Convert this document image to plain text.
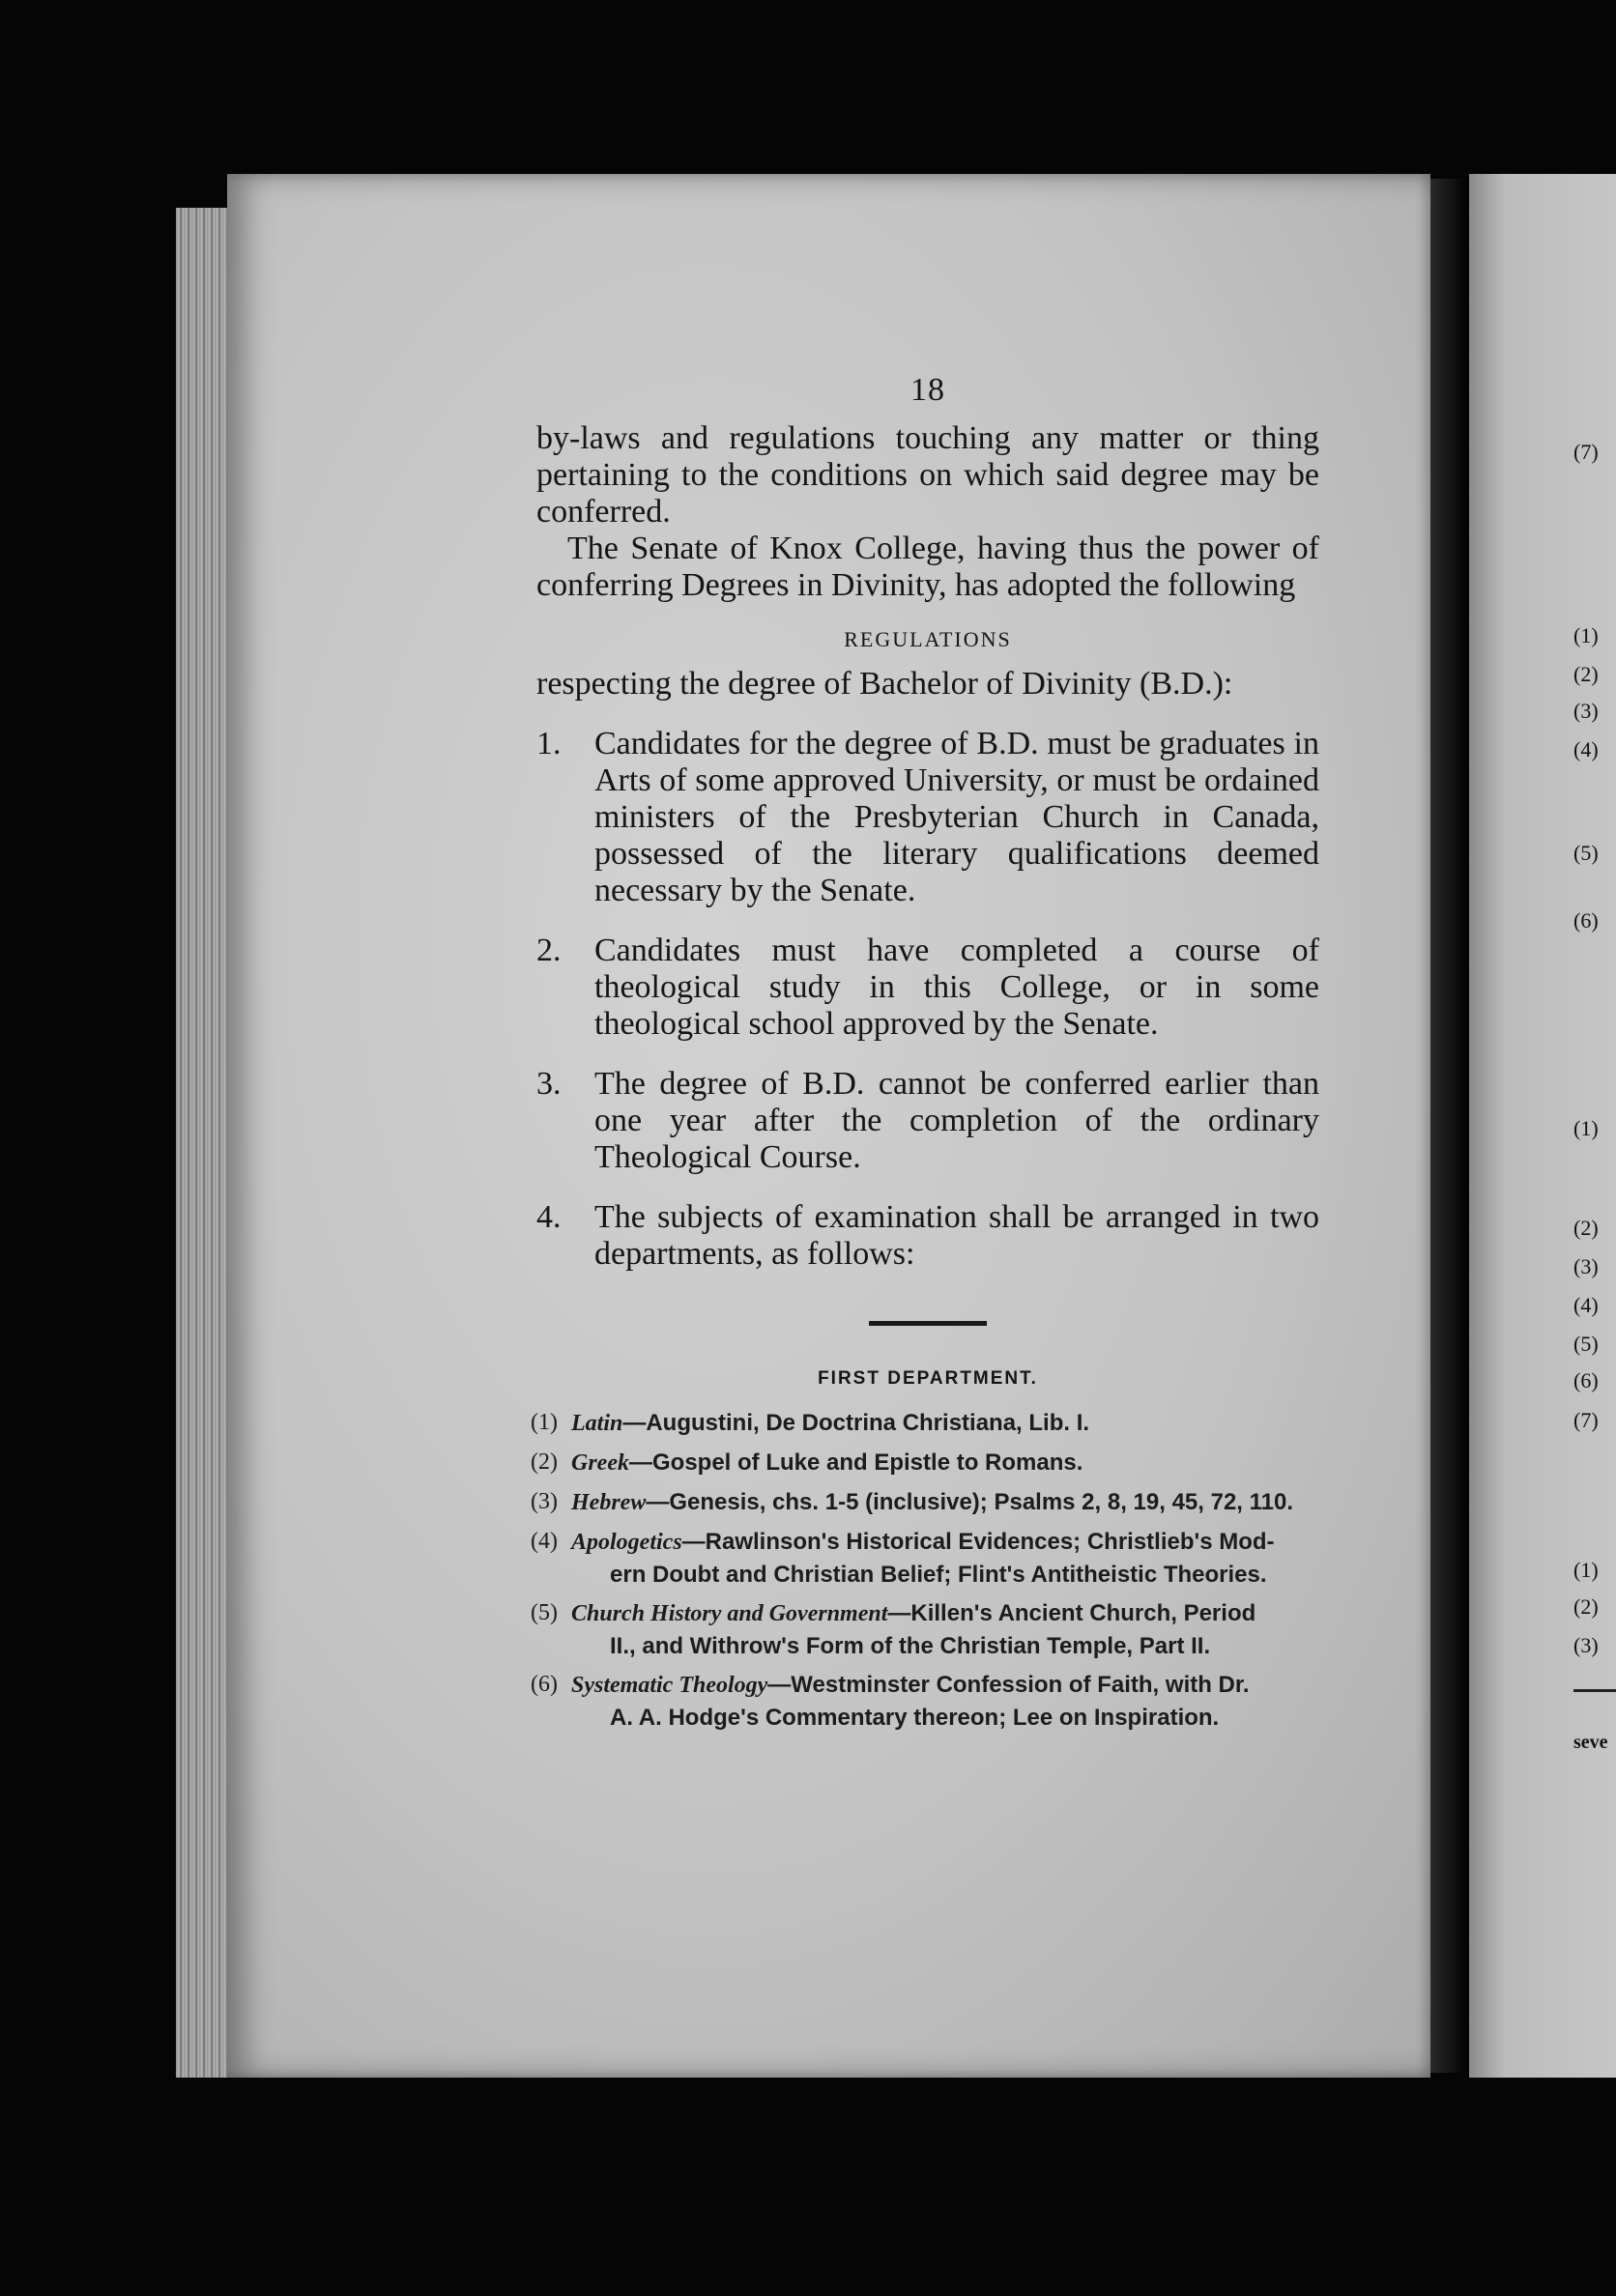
18

by-laws and regulations touching any matter or thing pertaining to the conditions on which said degree may be conferred.

The Senate of Knox College, having thus the power of conferring Degrees in Divinity, has adopted the following

REGULATIONS

respecting the degree of Bachelor of Divinity (B.D.):

1.	Candidates for the degree of B.D. must be graduates in Arts of some approved University, or must be ordained ministers of the Presbyterian Church in Canada, possessed of the literary qualifications deemed necessary by the Senate.
2.	Candidates must have completed a course of theological study in this College, or in some theological school approved by the Senate.
3.	The degree of B.D. cannot be conferred earlier than one year after the completion of the ordinary Theological Course.
4.	The subjects of examination shall be arranged in two departments, as follows:
FIRST DEPARTMENT.
(1) Latin—Augustini, De Doctrina Christiana, Lib. I.
(2) Greek—Gospel of Luke and Epistle to Romans.
(3) Hebrew—Genesis, chs. 1-5 (inclusive); Psalms 2, 8, 19, 45, 72, 110.
(4) Apologetics—Rawlinson's Historical Evidences; Christlieb's Mod-
ern Doubt and Christian Belief; Flint's Antitheistic Theories.
(5) Church History and Government—Killen's Ancient Church, Period
II., and Withrow's Form of the Christian Temple, Part II.
(6) Systematic Theology—Westminster Confession of Faith, with Dr.
A. A. Hodge's Commentary thereon; Lee on Inspiration.
(7)
(1)
(2)
(3)
(4)
(5)
(6)
(1)
(2)
(3)
(4)
(5)
(6)
(7)
(1)
(2)
(3)
seve
